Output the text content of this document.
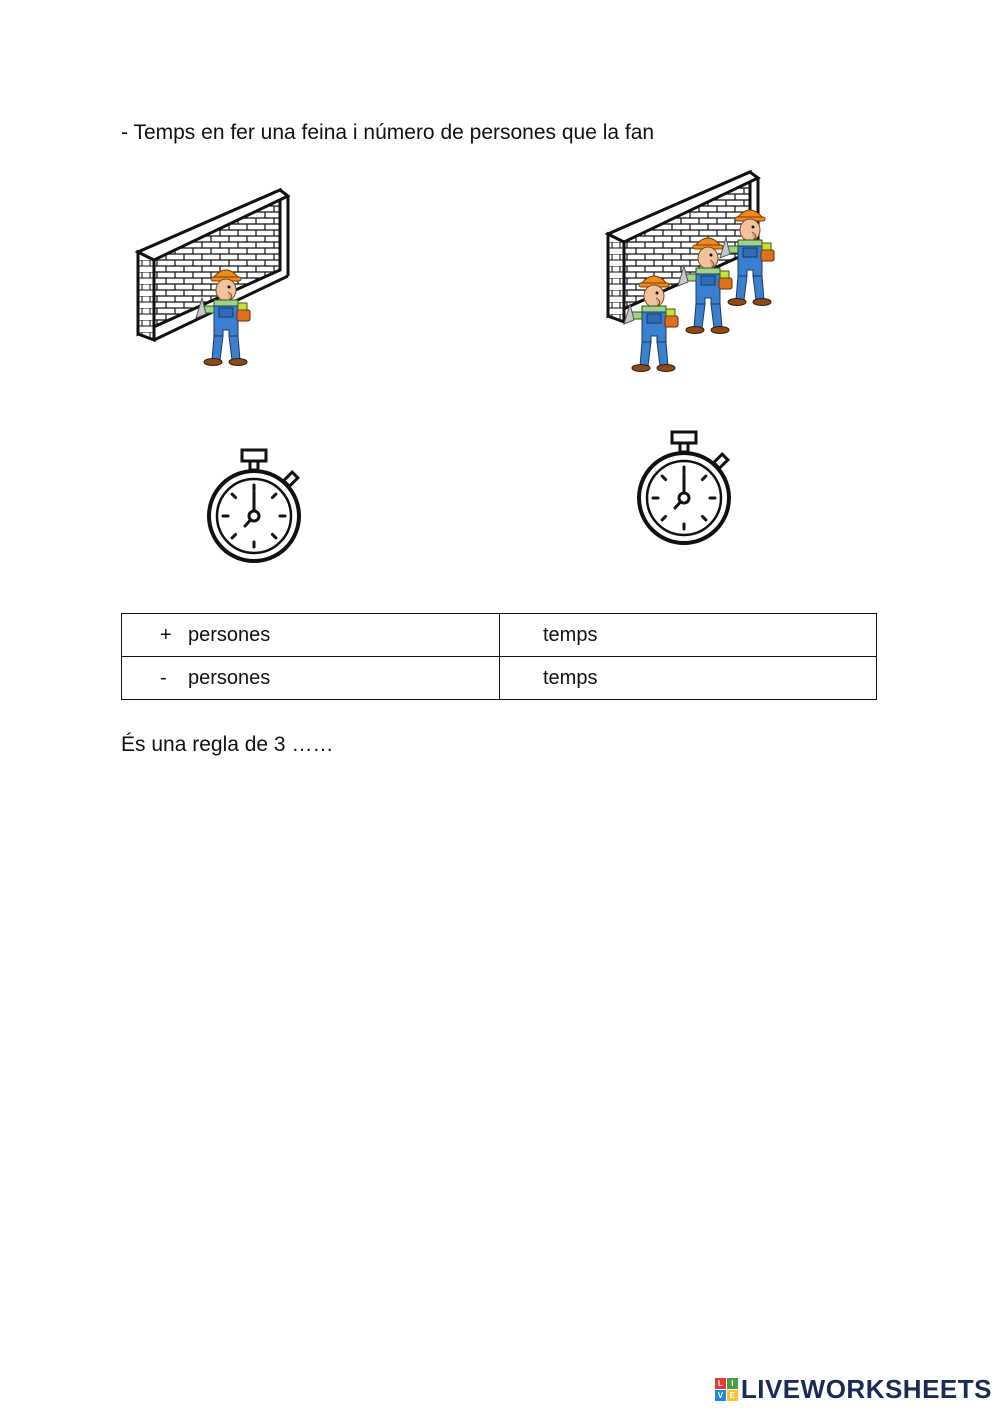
- Temps en fer una feina i número de persones que la fan
+ persones	temps
- persones	temps
És una regla de 3 ……
L	I
V E LIVEWORKSHEETS
